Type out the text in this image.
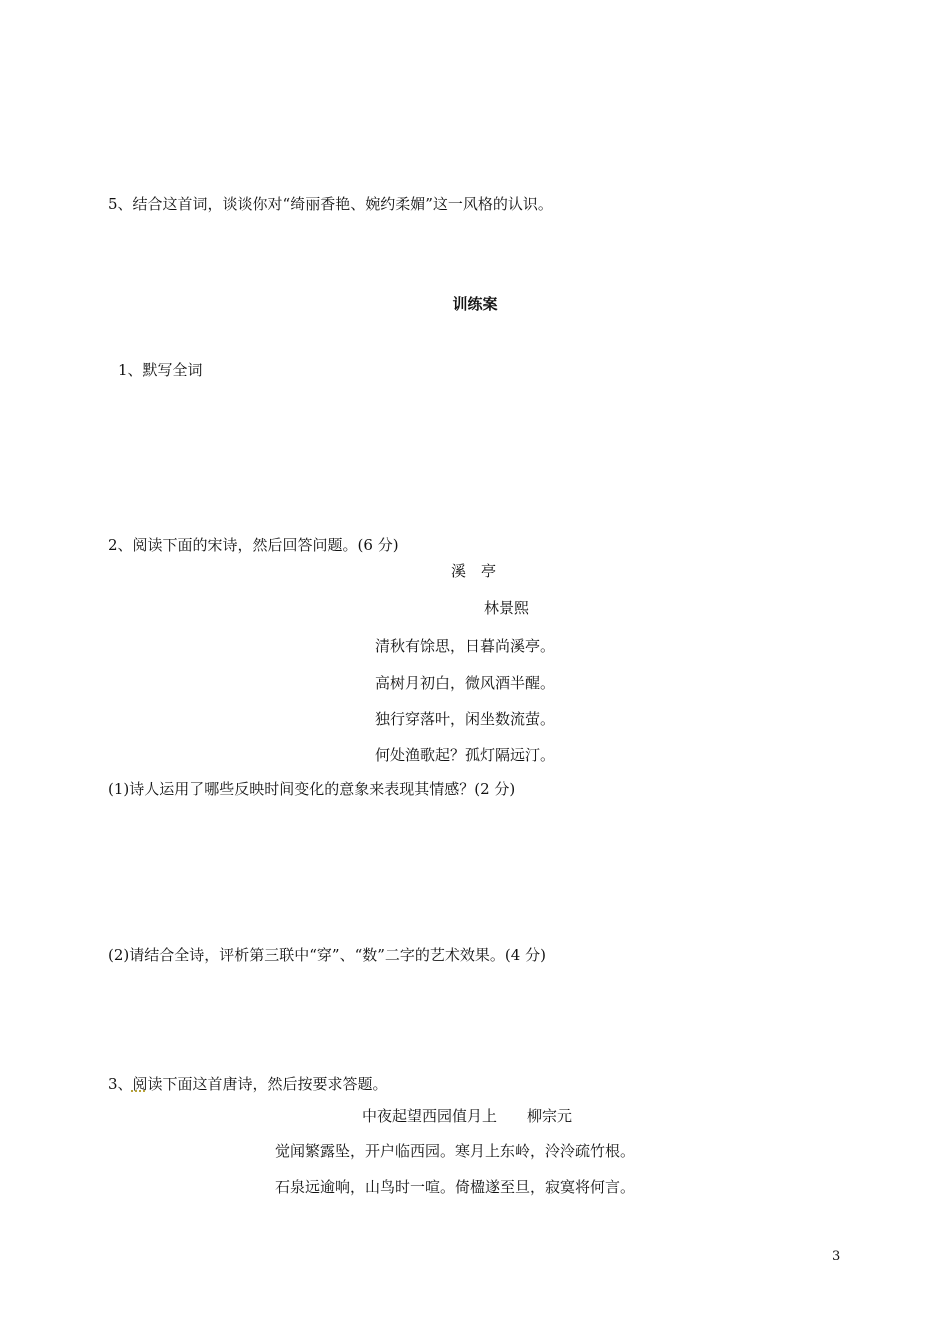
5、结合这首词，谈谈你对“绮丽香艳、婉约柔媚”这一风格的认识。
训练案
1、默写全词
2、阅读下面的宋诗，然后回答问题。(6 分)
溪　亭
林景熙
清秋有馀思，日暮尚溪亭。
高树月初白，微风酒半醒。
独行穿落叶，闲坐数流萤。
何处渔歌起？孤灯隔远汀。
(1)诗人运用了哪些反映时间变化的意象来表现其情感？(2 分)
(2)请结合全诗，评析第三联中“穿”、“数”二字的艺术效果。(4 分)
3、阅读下面这首唐诗，然后按要求答题。
中夜起望西园值月上　　柳宗元
觉闻繁露坠，开户临西园。寒月上东岭，泠泠疏竹根。
石泉远逾响，山鸟时一喧。倚楹遂至旦，寂寞将何言。
3
